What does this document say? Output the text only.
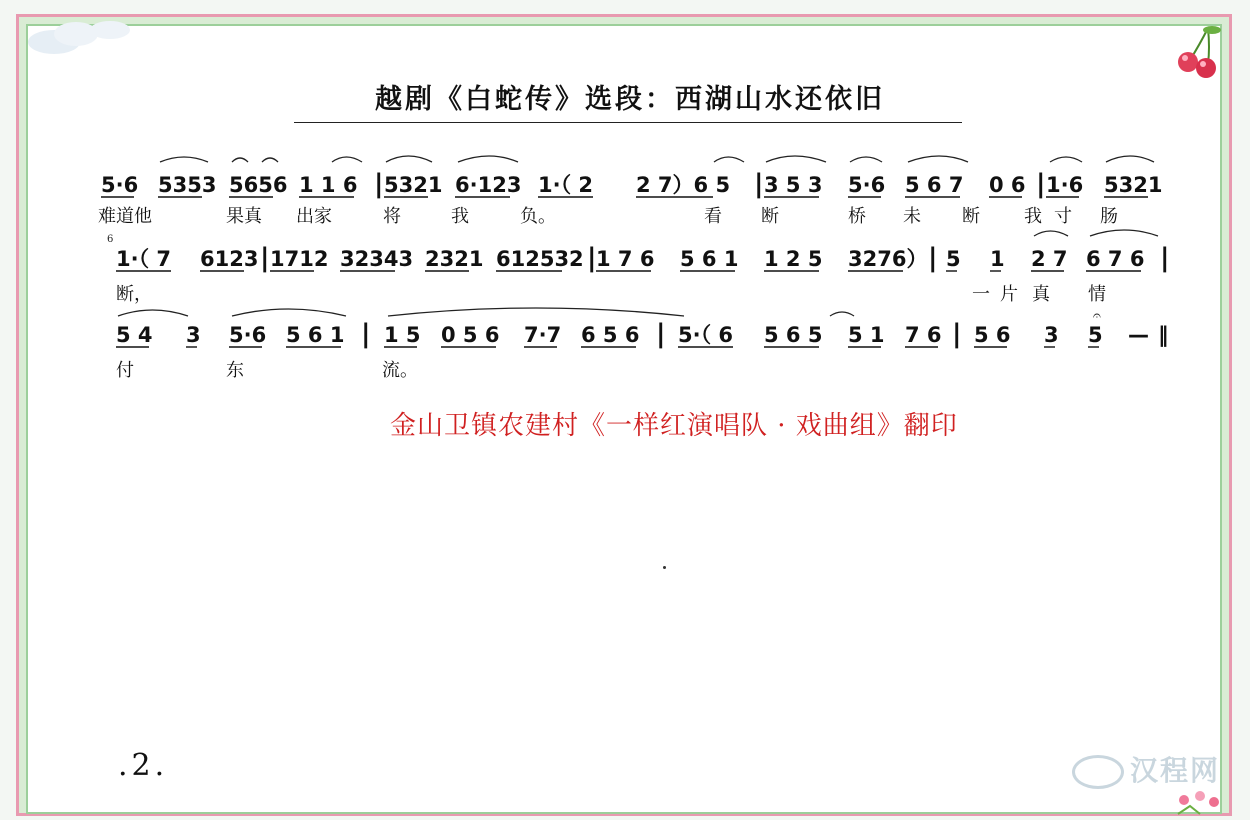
越剧《白蛇传》选段：西湖山水还依旧
5·6 5353 5656 1 1 6 | 5321 6·123 1·（ 2 2 7）6 5 | 3 5 3 5·6 5 6 7 0 6 | 1·6 5321
难道他	果真 出家	将	我	负。	看 断	桥 未 断 我 寸 肠
1·（ 7 6123 | 1712 32343 2321 612532 | 1 7 6 5 6 1 1 2 5 3276） | 5 1 2 7 6 7 6 |
断，	一 片 真 情
5 4 3 5·6 5 6 1 | 1 5 0 5 6 7·7 6 5 6 | 5·（ 6 5 6 5 5 1 7 6 | 5 6 3 5 — ‖
付	东	流。
𝄐
6
金山卫镇农建村《一样红演唱队 · 戏曲组》翻印
.2.	汉程网
